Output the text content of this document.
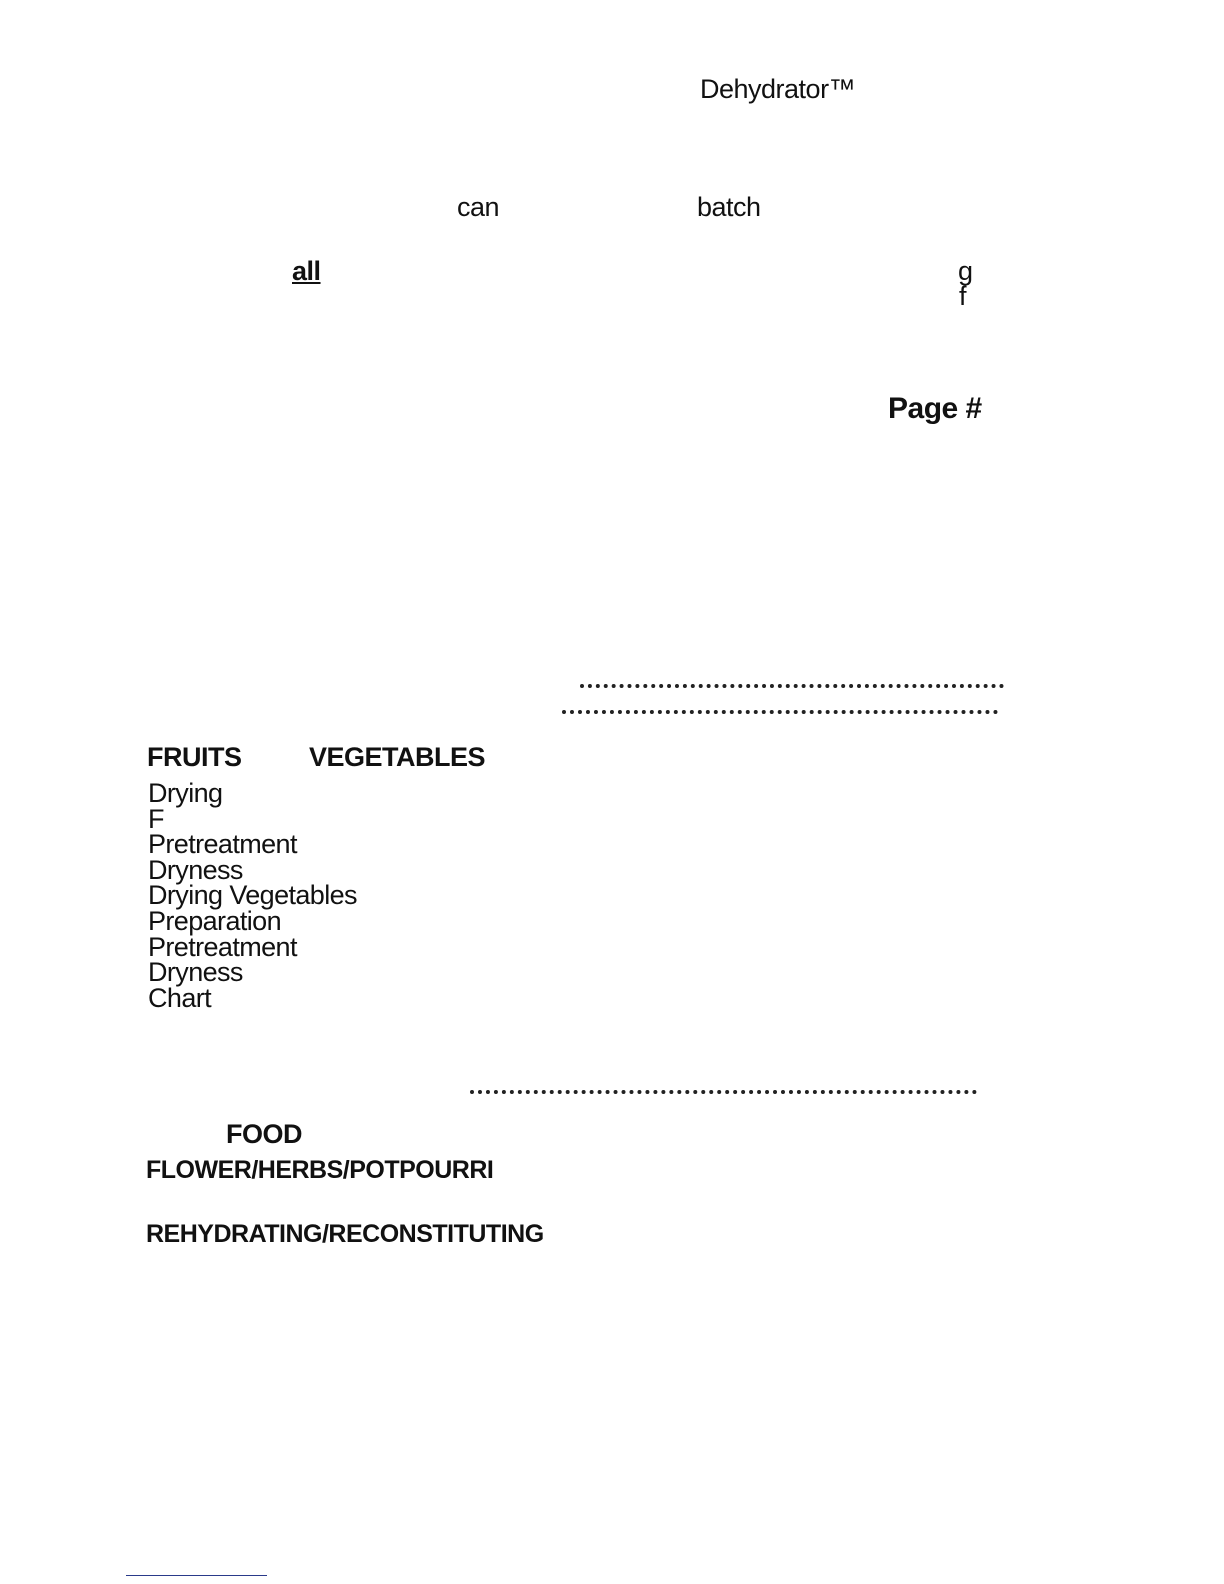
Dehydrator™
can	batch
all	g
f
Page #
FRUITS	VEGETABLES
Drying
F
Pretreatment
Dryness
Drying Vegetables
Preparation
Pretreatment
Dryness
Chart
FOOD
FLOWER/HERBS/POTPOURRI
REHYDRATING/RECONSTITUTING
